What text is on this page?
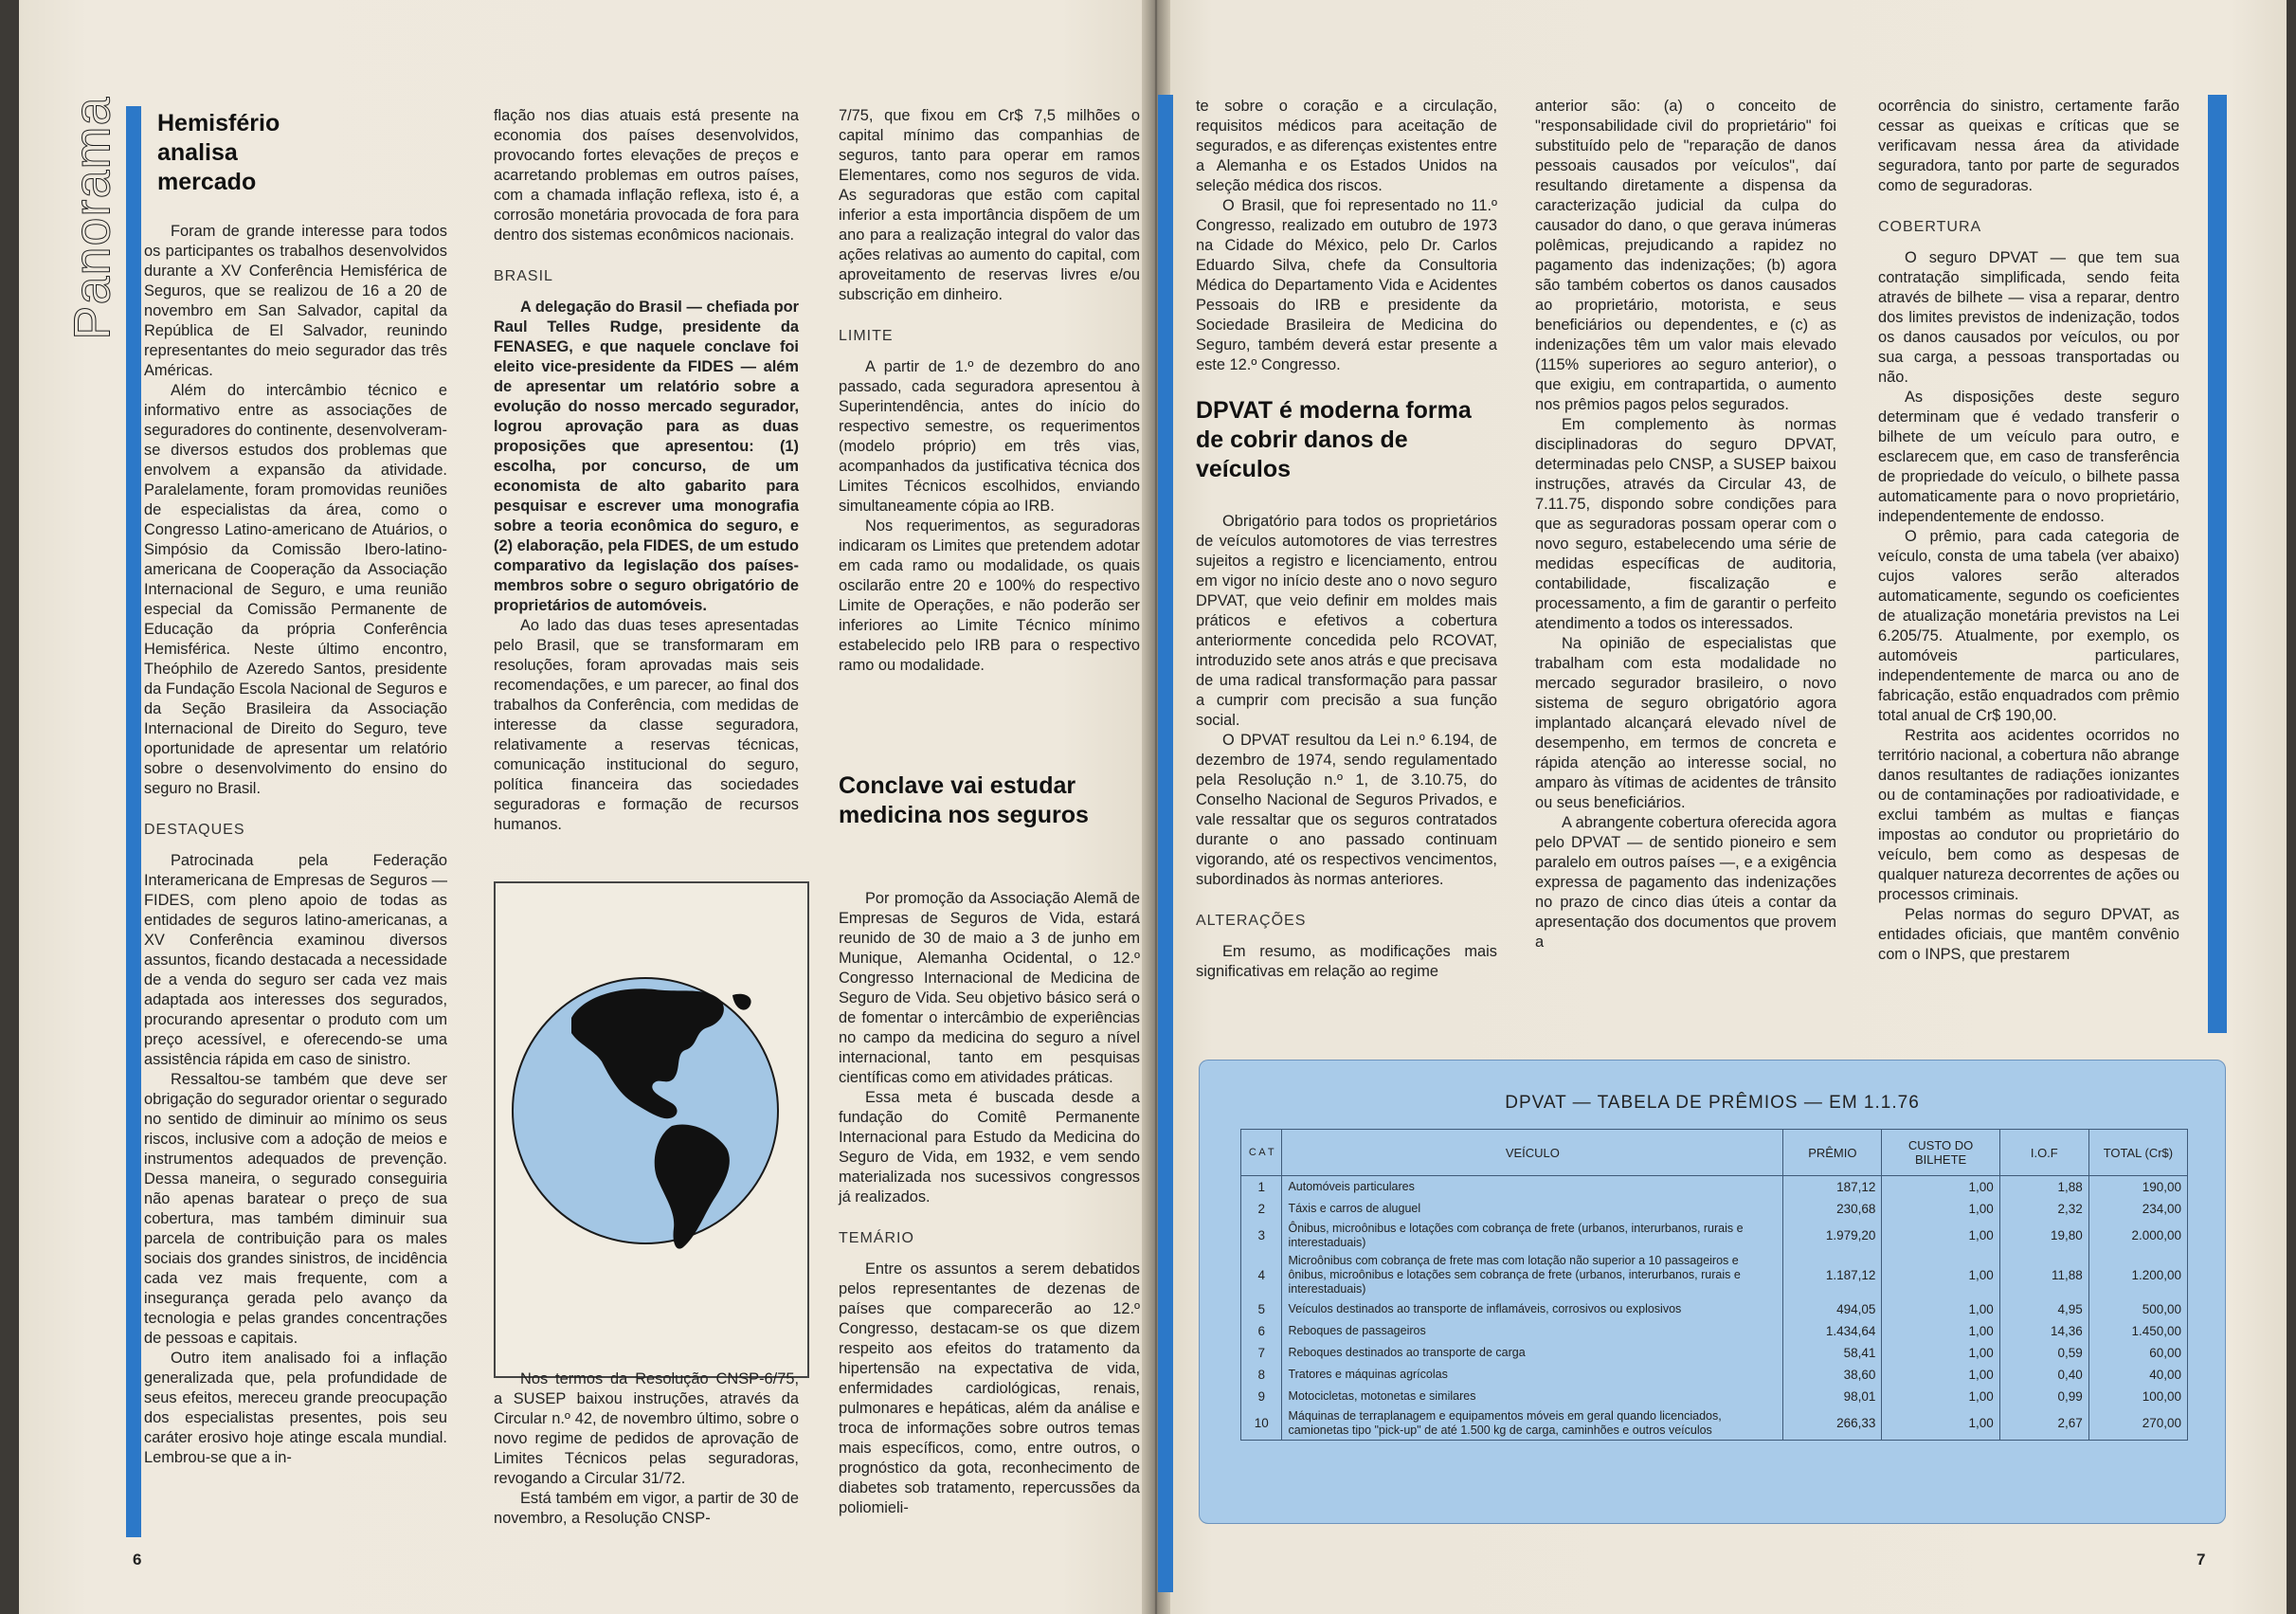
Panorama Hemisfério analisa mercado

Foram de grande interesse para todos os participantes os trabalhos desenvolvidos durante a XV Conferência Hemisférica de Seguros, que se realizou de 16 a 20 de novembro em San Salvador, capital da República de El Salvador, reunindo representantes do meio segurador das três Américas.

Além do intercâmbio técnico e informativo entre as associações de seguradores do continente, desenvolveram-se diversos estudos dos problemas que envolvem a expansão da atividade. Paralelamente, foram promovidas reuniões de especialistas da área, como o Congresso Latino-americano de Atuários, o Simpósio da Comissão Ibero-latino-americana de Cooperação da Associação Internacional de Seguro, e uma reunião especial da Comissão Permanente de Educação da própria Conferência Hemisférica. Neste último encontro, Theóphilo de Azeredo Santos, presidente da Fundação Escola Nacional de Seguros e da Seção Brasileira da Associação Internacional de Direito do Seguro, teve oportunidade de apresentar um relatório sobre o desenvolvimento do ensino do seguro no Brasil.

DESTAQUES

Patrocinada pela Federação Interamericana de Empresas de Seguros — FIDES, com pleno apoio de todas as entidades de seguros latino-americanas, a XV Conferência examinou diversos assuntos, ficando destacada a necessidade de a venda do seguro ser cada vez mais adaptada aos interesses dos segurados, procurando apresentar o produto com um preço acessível, e oferecendo-se uma assistência rápida em caso de sinistro.

Ressaltou-se também que deve ser obrigação do segurador orientar o segurado no sentido de diminuir ao mínimo os seus riscos, inclusive com a adoção de meios e instrumentos adequados de prevenção. Dessa maneira, o segurado conseguiria não apenas baratear o preço de sua cobertura, mas também diminuir sua parcela de contribuição para os males sociais dos grandes sinistros, de incidência cada vez mais frequente, com a insegurança gerada pelo avanço da tecnologia e pelas grandes concentrações de pessoas e capitais.

Outro item analisado foi a inflação generalizada que, pela profundidade de seus efeitos, mereceu grande preocupação dos especialistas presentes, pois seu caráter erosivo hoje atinge escala mundial. Lembrou-se que a in-

flação nos dias atuais está presente na economia dos países desenvolvidos, provocando fortes elevações de preços e acarretando problemas em outros países, com a chamada inflação reflexa, isto é, a corrosão monetária provocada de fora para dentro dos sistemas econômicos nacionais.

BRASIL

A delegação do Brasil — chefiada por Raul Telles Rudge, presidente da FENASEG, e que naquele conclave foi eleito vice-presidente da FIDES — além de apresentar um relatório sobre a evolução do nosso mercado segurador, logrou aprovação para as duas proposições que apresentou: (1) escolha, por concurso, de um economista de alto gabarito para pesquisar e escrever uma monografia sobre a teoria econômica do seguro, e (2) elaboração, pela FIDES, de um estudo comparativo da legislação dos países-membros sobre o seguro obrigatório de proprietários de automóveis.

Ao lado das duas teses apresentadas pelo Brasil, que se transformaram em resoluções, foram aprovadas mais seis recomendações, e um parecer, ao final dos trabalhos da Conferência, com medidas de interesse da classe seguradora, relativamente a reservas técnicas, comunicação institucional do seguro, política financeira das sociedades seguradoras e formação de recursos humanos.

Nos termos da Resolução CNSP-6/75, a SUSEP baixou instruções, através da Circular n.º 42, de novembro último, sobre o novo regime de pedidos de aprovação de Limites Técnicos pelas seguradoras, revogando a Circular 31/72.

Está também em vigor, a partir de 30 de novembro, a Resolução CNSP-

7/75, que fixou em Cr$ 7,5 milhões o capital mínimo das companhias de seguros, tanto para operar em ramos Elementares, como nos seguros de vida. As seguradoras que estão com capital inferior a esta importância dispõem de um ano para a realização integral do valor das ações relativas ao aumento do capital, com aproveitamento de reservas livres e/ou subscrição em dinheiro.

LIMITE

A partir de 1.º de dezembro do ano passado, cada seguradora apresentou à Superintendência, antes do início do respectivo semestre, os requerimentos (modelo próprio) em três vias, acompanhados da justificativa técnica dos Limites Técnicos escolhidos, enviando simultaneamente cópia ao IRB.

Nos requerimentos, as seguradoras indicaram os Limites que pretendem adotar em cada ramo ou modalidade, os quais oscilarão entre 20 e 100% do respectivo Limite de Operações, e não poderão ser inferiores ao Limite Técnico mínimo estabelecido pelo IRB para o respectivo ramo ou modalidade.

Conclave vai estudar medicina nos seguros

Por promoção da Associação Alemã de Empresas de Seguros de Vida, estará reunido de 30 de maio a 3 de junho em Munique, Alemanha Ocidental, o 12.º Congresso Internacional de Medicina de Seguro de Vida. Seu objetivo básico será o de fomentar o intercâmbio de experiências no campo da medicina do seguro a nível internacional, tanto em pesquisas científicas como em atividades práticas.

Essa meta é buscada desde a fundação do Comitê Permanente Internacional para Estudo da Medicina do Seguro de Vida, em 1932, e vem sendo materializada nos sucessivos congressos já realizados.

TEMÁRIO

Entre os assuntos a serem debatidos pelos representantes de dezenas de países que comparecerão ao 12.º Congresso, destacam-se os que dizem respeito aos efeitos do tratamento da hipertensão na expectativa de vida, enfermidades cardiológicas, renais, pulmonares e hepáticas, além da análise e troca de informações sobre outros temas mais específicos, como, entre outros, o prognóstico da gota, reconhecimento de diabetes sob tratamento, repercussões da poliomieli-

6

te sobre o coração e a circulação, requisitos médicos para aceitação de segurados, e as diferenças existentes entre a Alemanha e os Estados Unidos na seleção médica dos riscos.

O Brasil, que foi representado no 11.º Congresso, realizado em outubro de 1973 na Cidade do México, pelo Dr. Carlos Eduardo Silva, chefe da Consultoria Médica do Departamento Vida e Acidentes Pessoais do IRB e presidente da Sociedade Brasileira de Medicina do Seguro, também deverá estar presente a este 12.º Congresso.

DPVAT é moderna forma de cobrir danos de veículos

Obrigatório para todos os proprietários de veículos automotores de vias terrestres sujeitos a registro e licenciamento, entrou em vigor no início deste ano o novo seguro DPVAT, que veio definir em moldes mais práticos e efetivos a cobertura anteriormente concedida pelo RCOVAT, introduzido sete anos atrás e que precisava de uma radical transformação para passar a cumprir com precisão a sua função social.

O DPVAT resultou da Lei n.º 6.194, de dezembro de 1974, sendo regulamentado pela Resolução n.º 1, de 3.10.75, do Conselho Nacional de Seguros Privados, e vale ressaltar que os seguros contratados durante o ano passado continuam vigorando, até os respectivos vencimentos, subordinados às normas anteriores.

ALTERAÇÕES

Em resumo, as modificações mais significativas em relação ao regime

anterior são: (a) o conceito de "responsabilidade civil do proprietário" foi substituído pelo de "reparação de danos pessoais causados por veículos", daí resultando diretamente a dispensa da caracterização judicial da culpa do causador do dano, o que gerava inúmeras polêmicas, prejudicando a rapidez no pagamento das indenizações; (b) agora são também cobertos os danos causados ao proprietário, motorista, e seus beneficiários ou dependentes, e (c) as indenizações têm um valor mais elevado (115% superiores ao seguro anterior), o que exigiu, em contrapartida, o aumento nos prêmios pagos pelos segurados.

Em complemento às normas disciplinadoras do seguro DPVAT, determinadas pelo CNSP, a SUSEP baixou instruções, através da Circular 43, de 7.11.75, dispondo sobre condições para que as seguradoras possam operar com o novo seguro, estabelecendo uma série de medidas específicas de auditoria, contabilidade, fiscalização e processamento, a fim de garantir o perfeito atendimento a todos os interessados.

Na opinião de especialistas que trabalham com esta modalidade no mercado segurador brasileiro, o novo sistema de seguro obrigatório agora implantado alcançará elevado nível de desempenho, em termos de concreta e rápida atenção ao interesse social, no amparo às vítimas de acidentes de trânsito ou seus beneficiários.

A abrangente cobertura oferecida agora pelo DPVAT — de sentido pioneiro e sem paralelo em outros países —, e a exigência expressa de pagamento das indenizações no prazo de cinco dias úteis a contar da apresentação dos documentos que provem a

ocorrência do sinistro, certamente farão cessar as queixas e críticas que se verificavam nessa área da atividade seguradora, tanto por parte de segurados como de seguradoras.

COBERTURA

O seguro DPVAT — que tem sua contratação simplificada, sendo feita através de bilhete — visa a reparar, dentro dos limites previstos de indenização, todos os danos causados por veículos, ou por sua carga, a pessoas transportadas ou não.

As disposições deste seguro determinam que é vedado transferir o bilhete de um veículo para outro, e esclarecem que, em caso de transferência de propriedade do veículo, o bilhete passa automaticamente para o novo proprietário, independentemente de endosso.

O prêmio, para cada categoria de veículo, consta de uma tabela (ver abaixo) cujos valores serão alterados automaticamente, segundo os coeficientes de atualização monetária previstos na Lei 6.205/75. Atualmente, por exemplo, os automóveis particulares, independentemente de marca ou ano de fabricação, estão enquadrados com prêmio total anual de Cr$ 190,00.

Restrita aos acidentes ocorridos no território nacional, a cobertura não abrange danos resultantes de radiações ionizantes ou de contaminações por radioatividade, e exclui também as multas e fianças impostas ao condutor ou proprietário do veículo, bem como as despesas de qualquer natureza decorrentes de ações ou processos criminais.

Pelas normas do seguro DPVAT, as entidades oficiais, que mantêm convênio com o INPS, que prestarem

DPVAT — TABELA DE PRÊMIOS — EM 1.1.76
C A T	VEÍCULO	PRÊMIO	CUSTO DO BILHETE	I.O.F	TOTAL (Cr$)
1	Automóveis particulares	187,12	1,00	1,88	190,00
2	Táxis e carros de aluguel	230,68	1,00	2,32	234,00
3	Ônibus, microônibus e lotações com cobrança de frete (urbanos, interurbanos, rurais e interestaduais)	1.979,20	1,00	19,80	2.000,00
4	Microônibus com cobrança de frete mas com lotação não superior a 10 passageiros e ônibus, microônibus e lotações sem cobrança de frete (urbanos, interurbanos, rurais e interestaduais)	1.187,12	1,00	11,88	1.200,00
5	Veículos destinados ao transporte de inflamáveis, corrosivos ou explosivos	494,05	1,00	4,95	500,00
6	Reboques de passageiros	1.434,64	1,00	14,36	1.450,00
7	Reboques destinados ao transporte de carga	58,41	1,00	0,59	60,00
8	Tratores e máquinas agrícolas	38,60	1,00	0,40	40,00
9	Motocicletas, motonetas e similares	98,01	1,00	0,99	100,00
10	Máquinas de terraplanagem e equipamentos móveis em geral quando licenciados, camionetas tipo "pick-up" de até 1.500 kg de carga, caminhões e outros veículos	266,33	1,00	2,67	270,00
7
